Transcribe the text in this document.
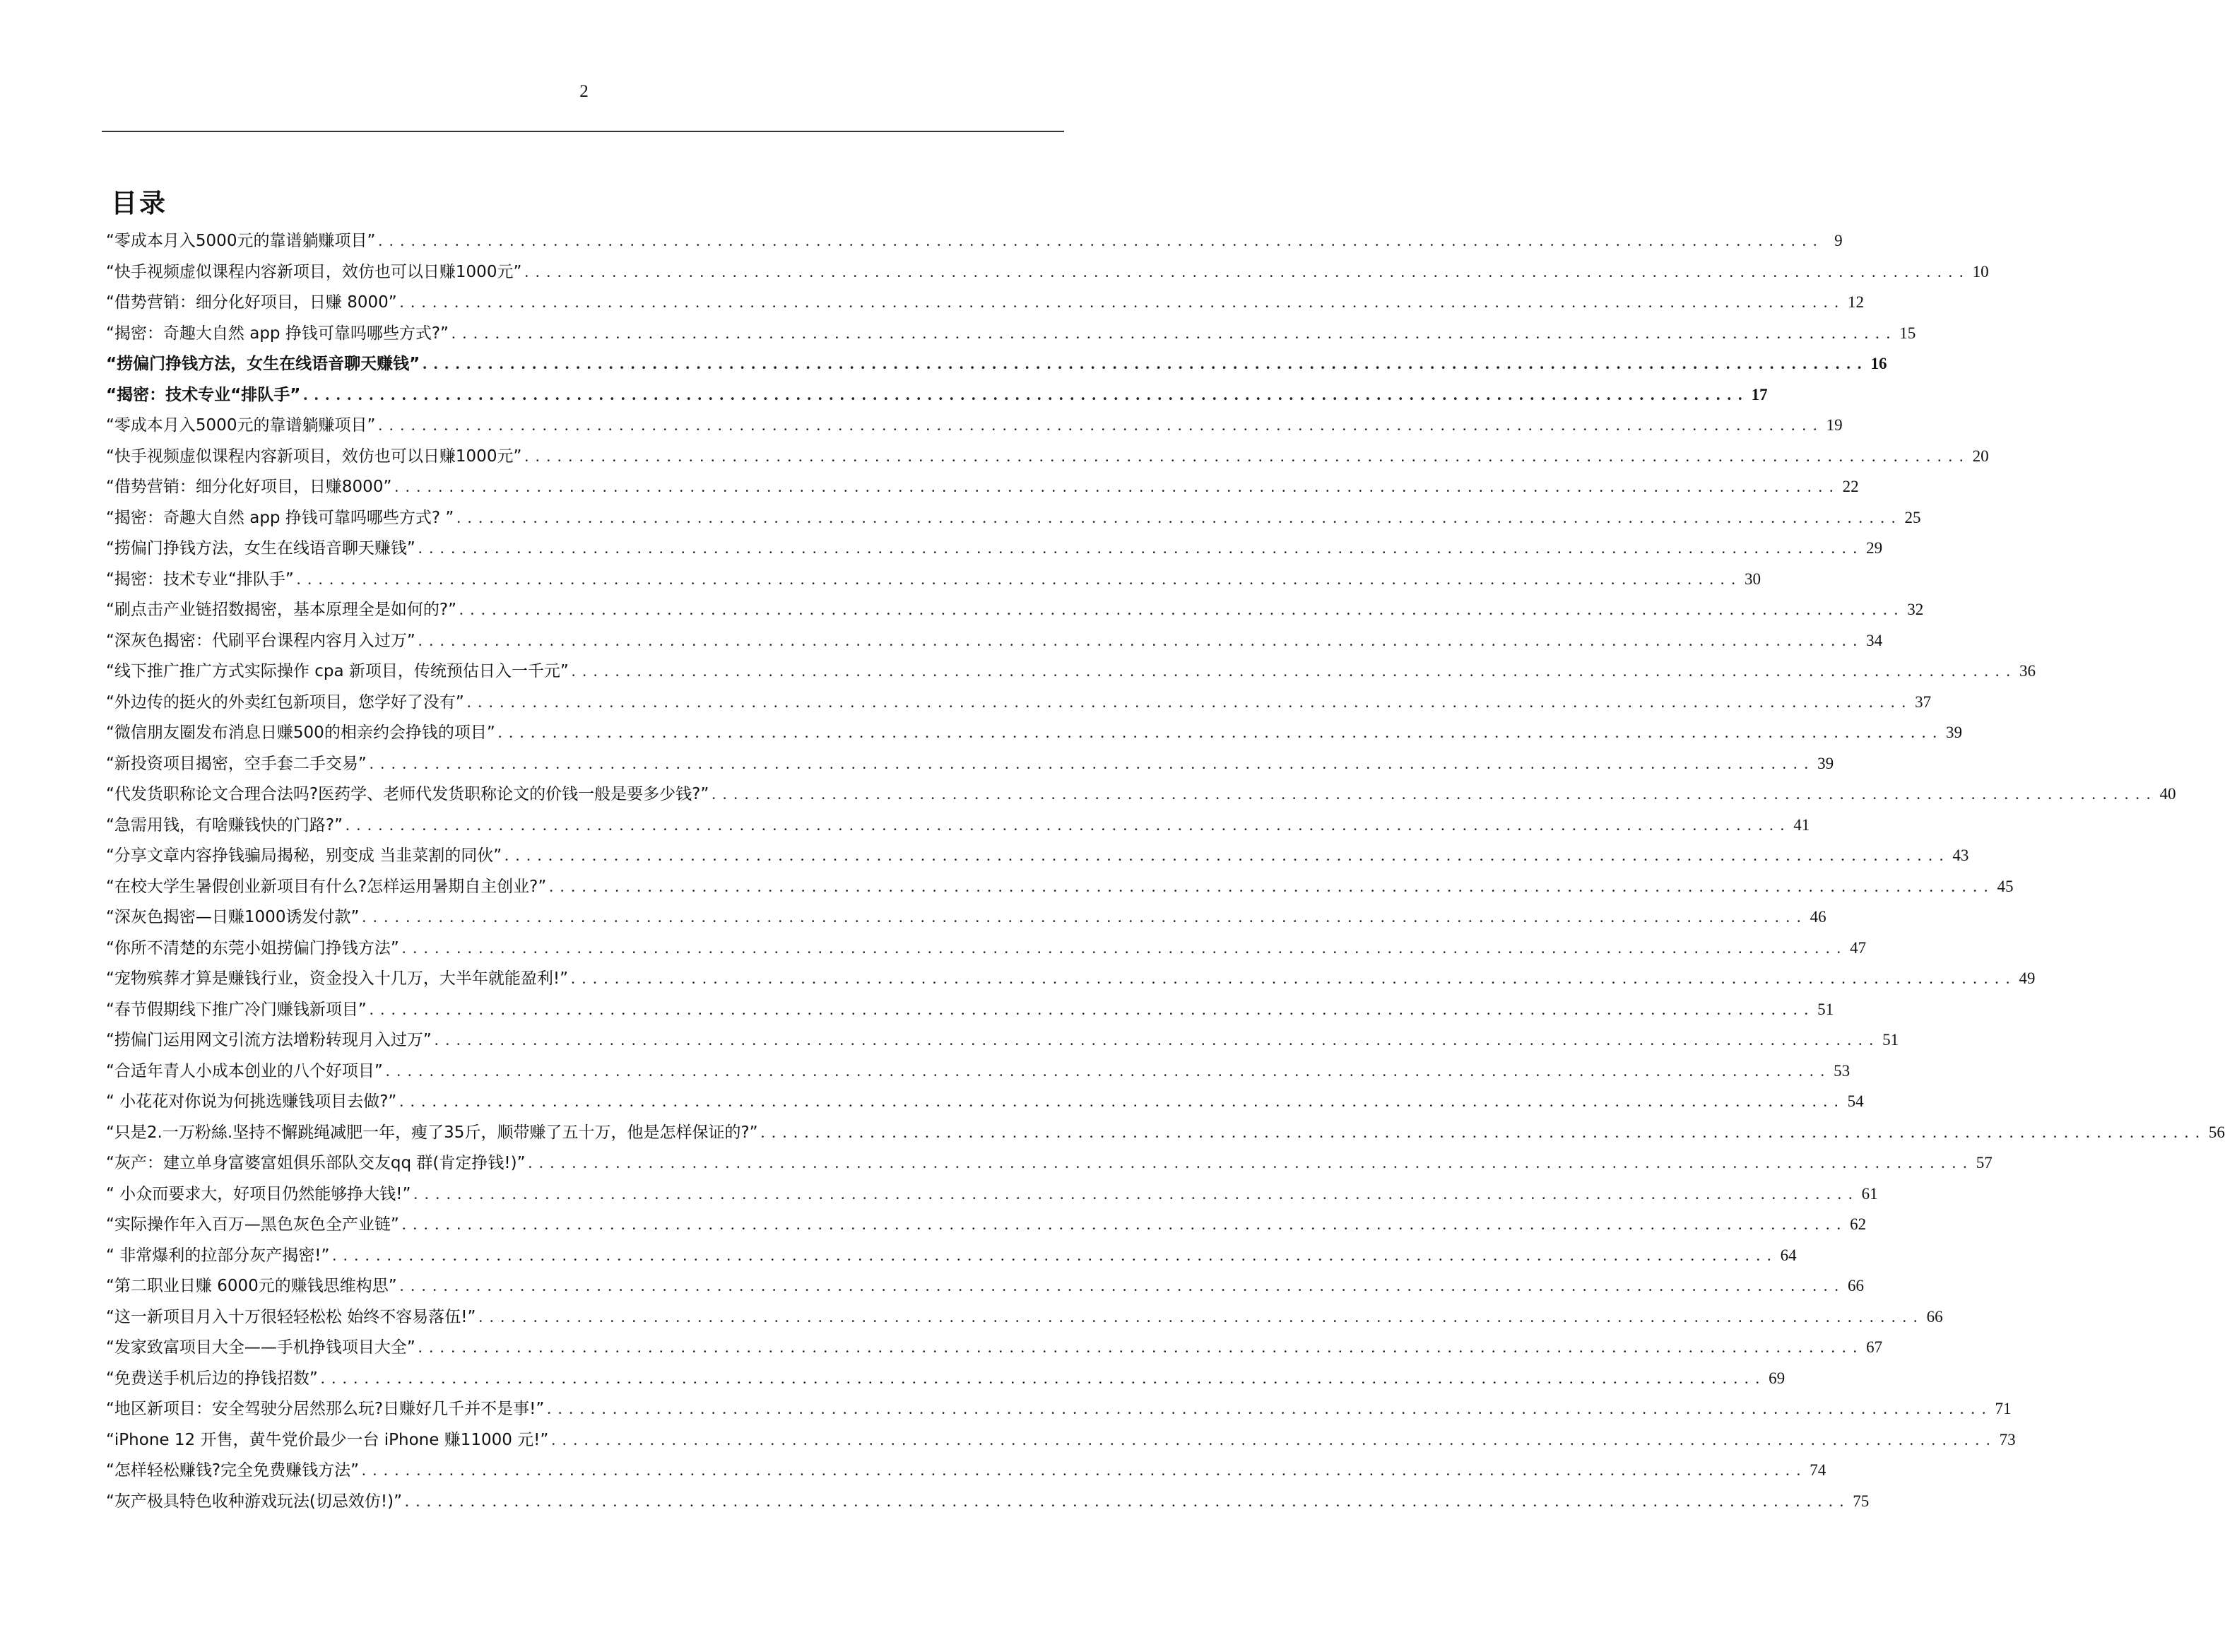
2
目录
“零成本月入5000元的靠谱躺赚项目” . . . . . . . . . . . . . . . . . . . . . . . . . . . . . . . . . . . . . . . . . . . . . . . . . . . . . . . . . . . . . . . . . . . . . . . . . . . . . . . . . . . . . . . . . . . . . . . . . . . . . . . . . . . . . . . . . . . . . . . . . . . . . . . . . . . . 9
“快手视频虚似课程内容新项目，效仿也可以日赚1000元” . . . . . . . . . . . . . . . . . . . . . . . . . . . . . . . . . . . . . . . . . . . . . . . . . . . . . . . . . . . . . . . . . . . . . . . . . . . . . . . . . . . . . . . . . . . . . . . . . . . . . . . . . . . . . . . . . . . . . . . . . . . . . . . . . . . . 10
“借势营销：细分化好项目，日赚 8000” . . . . . . . . . . . . . . . . . . . . . . . . . . . . . . . . . . . . . . . . . . . . . . . . . . . . . . . . . . . . . . . . . . . . . . . . . . . . . . . . . . . . . . . . . . . . . . . . . . . . . . . . . . . . . . . . . . . . . . . . . . . . . . . . . . . . 12
“揭密：奇趣大自然 app 挣钱可靠吗哪些方式?” . . . . . . . . . . . . . . . . . . . . . . . . . . . . . . . . . . . . . . . . . . . . . . . . . . . . . . . . . . . . . . . . . . . . . . . . . . . . . . . . . . . . . . . . . . . . . . . . . . . . . . . . . . . . . . . . . . . . . . . . . . . . . . . . . . . . 15
“捞偏门挣钱方法，女生在线语音聊天赚钱” . . . . . . . . . . . . . . . . . . . . . . . . . . . . . . . . . . . . . . . . . . . . . . . . . . . . . . . . . . . . . . . . . . . . . . . . . . . . . . . . . . . . . . . . . . . . . . . . . . . . . . . . . . . . . . . . . . . . . . . . . . . . . . . . . . . . 16
“揭密：技术专业“排队手” . . . . . . . . . . . . . . . . . . . . . . . . . . . . . . . . . . . . . . . . . . . . . . . . . . . . . . . . . . . . . . . . . . . . . . . . . . . . . . . . . . . . . . . . . . . . . . . . . . . . . . . . . . . . . . . . . . . . . . . . . . . . . . . . . . . . 17
“零成本月入5000元的靠谱躺赚项目” . . . . . . . . . . . . . . . . . . . . . . . . . . . . . . . . . . . . . . . . . . . . . . . . . . . . . . . . . . . . . . . . . . . . . . . . . . . . . . . . . . . . . . . . . . . . . . . . . . . . . . . . . . . . . . . . . . . . . . . . . . . . . . . . . . . . 19
“快手视频虚似课程内容新项目，效仿也可以日赚1000元” . . . . . . . . . . . . . . . . . . . . . . . . . . . . . . . . . . . . . . . . . . . . . . . . . . . . . . . . . . . . . . . . . . . . . . . . . . . . . . . . . . . . . . . . . . . . . . . . . . . . . . . . . . . . . . . . . . . . . . . . . . . . . . . . . . . . 20
“借势营销：细分化好项目，日赚8000” . . . . . . . . . . . . . . . . . . . . . . . . . . . . . . . . . . . . . . . . . . . . . . . . . . . . . . . . . . . . . . . . . . . . . . . . . . . . . . . . . . . . . . . . . . . . . . . . . . . . . . . . . . . . . . . . . . . . . . . . . . . . . . . . . . . . 22
“揭密：奇趣大自然 app 挣钱可靠吗哪些方式? ” . . . . . . . . . . . . . . . . . . . . . . . . . . . . . . . . . . . . . . . . . . . . . . . . . . . . . . . . . . . . . . . . . . . . . . . . . . . . . . . . . . . . . . . . . . . . . . . . . . . . . . . . . . . . . . . . . . . . . . . . . . . . . . . . . . . . 25
“捞偏门挣钱方法，女生在线语音聊天赚钱” . . . . . . . . . . . . . . . . . . . . . . . . . . . . . . . . . . . . . . . . . . . . . . . . . . . . . . . . . . . . . . . . . . . . . . . . . . . . . . . . . . . . . . . . . . . . . . . . . . . . . . . . . . . . . . . . . . . . . . . . . . . . . . . . . . . . 29
“揭密：技术专业“排队手” . . . . . . . . . . . . . . . . . . . . . . . . . . . . . . . . . . . . . . . . . . . . . . . . . . . . . . . . . . . . . . . . . . . . . . . . . . . . . . . . . . . . . . . . . . . . . . . . . . . . . . . . . . . . . . . . . . . . . . . . . . . . . . . . . . . . 30
“刷点击产业链招数揭密，基本原理全是如何的?” . . . . . . . . . . . . . . . . . . . . . . . . . . . . . . . . . . . . . . . . . . . . . . . . . . . . . . . . . . . . . . . . . . . . . . . . . . . . . . . . . . . . . . . . . . . . . . . . . . . . . . . . . . . . . . . . . . . . . . . . . . . . . . . . . . . . 32
“深灰色揭密：代刷平台课程内容月入过万” . . . . . . . . . . . . . . . . . . . . . . . . . . . . . . . . . . . . . . . . . . . . . . . . . . . . . . . . . . . . . . . . . . . . . . . . . . . . . . . . . . . . . . . . . . . . . . . . . . . . . . . . . . . . . . . . . . . . . . . . . . . . . . . . . . . . 34
“线下推广推广方式实际操作 cpa 新项目，传统预估日入一千元” . . . . . . . . . . . . . . . . . . . . . . . . . . . . . . . . . . . . . . . . . . . . . . . . . . . . . . . . . . . . . . . . . . . . . . . . . . . . . . . . . . . . . . . . . . . . . . . . . . . . . . . . . . . . . . . . . . . . . . . . . . . . . . . . . . . . 36
“外边传的挺火的外卖红包新项目，您学好了没有” . . . . . . . . . . . . . . . . . . . . . . . . . . . . . . . . . . . . . . . . . . . . . . . . . . . . . . . . . . . . . . . . . . . . . . . . . . . . . . . . . . . . . . . . . . . . . . . . . . . . . . . . . . . . . . . . . . . . . . . . . . . . . . . . . . . . 37
“微信朋友圈发布消息日赚500的相亲约会挣钱的项目” . . . . . . . . . . . . . . . . . . . . . . . . . . . . . . . . . . . . . . . . . . . . . . . . . . . . . . . . . . . . . . . . . . . . . . . . . . . . . . . . . . . . . . . . . . . . . . . . . . . . . . . . . . . . . . . . . . . . . . . . . . . . . . . . . . . . 39
“新投资项目揭密，空手套二手交易” . . . . . . . . . . . . . . . . . . . . . . . . . . . . . . . . . . . . . . . . . . . . . . . . . . . . . . . . . . . . . . . . . . . . . . . . . . . . . . . . . . . . . . . . . . . . . . . . . . . . . . . . . . . . . . . . . . . . . . . . . . . . . . . . . . . . 39
“代发货职称论文合理合法吗?医药学、老师代发货职称论文的价钱一般是要多少钱?” . . . . . . . . . . . . . . . . . . . . . . . . . . . . . . . . . . . . . . . . . . . . . . . . . . . . . . . . . . . . . . . . . . . . . . . . . . . . . . . . . . . . . . . . . . . . . . . . . . . . . . . . . . . . . . . . . . . . . . . . . . . . . . . . . . . . 40
“急需用钱，有啥赚钱快的门路?” . . . . . . . . . . . . . . . . . . . . . . . . . . . . . . . . . . . . . . . . . . . . . . . . . . . . . . . . . . . . . . . . . . . . . . . . . . . . . . . . . . . . . . . . . . . . . . . . . . . . . . . . . . . . . . . . . . . . . . . . . . . . . . . . . . . . 41
“分享文章内容挣钱骗局揭秘，别变成 当韭菜割的同伙” . . . . . . . . . . . . . . . . . . . . . . . . . . . . . . . . . . . . . . . . . . . . . . . . . . . . . . . . . . . . . . . . . . . . . . . . . . . . . . . . . . . . . . . . . . . . . . . . . . . . . . . . . . . . . . . . . . . . . . . . . . . . . . . . . . . . 43
“在校大学生暑假创业新项目有什么?怎样运用暑期自主创业?” . . . . . . . . . . . . . . . . . . . . . . . . . . . . . . . . . . . . . . . . . . . . . . . . . . . . . . . . . . . . . . . . . . . . . . . . . . . . . . . . . . . . . . . . . . . . . . . . . . . . . . . . . . . . . . . . . . . . . . . . . . . . . . . . . . . . 45
“深灰色揭密—日赚1000诱发付款” . . . . . . . . . . . . . . . . . . . . . . . . . . . . . . . . . . . . . . . . . . . . . . . . . . . . . . . . . . . . . . . . . . . . . . . . . . . . . . . . . . . . . . . . . . . . . . . . . . . . . . . . . . . . . . . . . . . . . . . . . . . . . . . . . . . . 46
“你所不清楚的东莞小姐捞偏门挣钱方法” . . . . . . . . . . . . . . . . . . . . . . . . . . . . . . . . . . . . . . . . . . . . . . . . . . . . . . . . . . . . . . . . . . . . . . . . . . . . . . . . . . . . . . . . . . . . . . . . . . . . . . . . . . . . . . . . . . . . . . . . . . . . . . . . . . . . 47
“宠物殡葬才算是赚钱行业，资金投入十几万，大半年就能盈利!” . . . . . . . . . . . . . . . . . . . . . . . . . . . . . . . . . . . . . . . . . . . . . . . . . . . . . . . . . . . . . . . . . . . . . . . . . . . . . . . . . . . . . . . . . . . . . . . . . . . . . . . . . . . . . . . . . . . . . . . . . . . . . . . . . . . . 49
“春节假期线下推广冷门赚钱新项目” . . . . . . . . . . . . . . . . . . . . . . . . . . . . . . . . . . . . . . . . . . . . . . . . . . . . . . . . . . . . . . . . . . . . . . . . . . . . . . . . . . . . . . . . . . . . . . . . . . . . . . . . . . . . . . . . . . . . . . . . . . . . . . . . . . . . 51
“捞偏门运用网文引流方法增粉转现月入过万” . . . . . . . . . . . . . . . . . . . . . . . . . . . . . . . . . . . . . . . . . . . . . . . . . . . . . . . . . . . . . . . . . . . . . . . . . . . . . . . . . . . . . . . . . . . . . . . . . . . . . . . . . . . . . . . . . . . . . . . . . . . . . . . . . . . . 51
“合适年青人小成本创业的八个好项目” . . . . . . . . . . . . . . . . . . . . . . . . . . . . . . . . . . . . . . . . . . . . . . . . . . . . . . . . . . . . . . . . . . . . . . . . . . . . . . . . . . . . . . . . . . . . . . . . . . . . . . . . . . . . . . . . . . . . . . . . . . . . . . . . . . . . 53
“ 小花花对你说为何挑选赚钱项目去做?” . . . . . . . . . . . . . . . . . . . . . . . . . . . . . . . . . . . . . . . . . . . . . . . . . . . . . . . . . . . . . . . . . . . . . . . . . . . . . . . . . . . . . . . . . . . . . . . . . . . . . . . . . . . . . . . . . . . . . . . . . . . . . . . . . . . . 54
“只是2.一万粉絲.坚持不懈跳绳减肥一年，瘦了35斤，顺带赚了五十万，他是怎样保证的?” . . . . . . . . . . . . . . . . . . . . . . . . . . . . . . . . . . . . . . . . . . . . . . . . . . . . . . . . . . . . . . . . . . . . . . . . . . . . . . . . . . . . . . . . . . . . . . . . . . . . . . . . . . . . . . . . . . . . . . . . . . . . . . . . . . . . 56
“灰产：建立单身富婆富姐俱乐部队交友qq 群(肯定挣钱!)” . . . . . . . . . . . . . . . . . . . . . . . . . . . . . . . . . . . . . . . . . . . . . . . . . . . . . . . . . . . . . . . . . . . . . . . . . . . . . . . . . . . . . . . . . . . . . . . . . . . . . . . . . . . . . . . . . . . . . . . . . . . . . . . . . . . . 57
“ 小众而要求大，好项目仍然能够挣大钱!” . . . . . . . . . . . . . . . . . . . . . . . . . . . . . . . . . . . . . . . . . . . . . . . . . . . . . . . . . . . . . . . . . . . . . . . . . . . . . . . . . . . . . . . . . . . . . . . . . . . . . . . . . . . . . . . . . . . . . . . . . . . . . . . . . . . . 61
“实际操作年入百万—黑色灰色全产业链” . . . . . . . . . . . . . . . . . . . . . . . . . . . . . . . . . . . . . . . . . . . . . . . . . . . . . . . . . . . . . . . . . . . . . . . . . . . . . . . . . . . . . . . . . . . . . . . . . . . . . . . . . . . . . . . . . . . . . . . . . . . . . . . . . . . . 62
“ 非常爆利的拉部分灰产揭密!” . . . . . . . . . . . . . . . . . . . . . . . . . . . . . . . . . . . . . . . . . . . . . . . . . . . . . . . . . . . . . . . . . . . . . . . . . . . . . . . . . . . . . . . . . . . . . . . . . . . . . . . . . . . . . . . . . . . . . . . . . . . . . . . . . . . . 64
“第二职业日赚 6000元的赚钱思维构思” . . . . . . . . . . . . . . . . . . . . . . . . . . . . . . . . . . . . . . . . . . . . . . . . . . . . . . . . . . . . . . . . . . . . . . . . . . . . . . . . . . . . . . . . . . . . . . . . . . . . . . . . . . . . . . . . . . . . . . . . . . . . . . . . . . . . 66
“这一新项目月入十万很轻轻松松 始终不容易落伍!” . . . . . . . . . . . . . . . . . . . . . . . . . . . . . . . . . . . . . . . . . . . . . . . . . . . . . . . . . . . . . . . . . . . . . . . . . . . . . . . . . . . . . . . . . . . . . . . . . . . . . . . . . . . . . . . . . . . . . . . . . . . . . . . . . . . . 66
“发家致富项目大全——手机挣钱项目大全” . . . . . . . . . . . . . . . . . . . . . . . . . . . . . . . . . . . . . . . . . . . . . . . . . . . . . . . . . . . . . . . . . . . . . . . . . . . . . . . . . . . . . . . . . . . . . . . . . . . . . . . . . . . . . . . . . . . . . . . . . . . . . . . . . . . . 67
“免费送手机后边的挣钱招数” . . . . . . . . . . . . . . . . . . . . . . . . . . . . . . . . . . . . . . . . . . . . . . . . . . . . . . . . . . . . . . . . . . . . . . . . . . . . . . . . . . . . . . . . . . . . . . . . . . . . . . . . . . . . . . . . . . . . . . . . . . . . . . . . . . . . 69
“地区新项目：安全驾驶分居然那么玩?日赚好几千并不是事!” . . . . . . . . . . . . . . . . . . . . . . . . . . . . . . . . . . . . . . . . . . . . . . . . . . . . . . . . . . . . . . . . . . . . . . . . . . . . . . . . . . . . . . . . . . . . . . . . . . . . . . . . . . . . . . . . . . . . . . . . . . . . . . . . . . . . 71
“iPhone 12 开售，黄牛党价最少一台 iPhone 赚11000 元!” . . . . . . . . . . . . . . . . . . . . . . . . . . . . . . . . . . . . . . . . . . . . . . . . . . . . . . . . . . . . . . . . . . . . . . . . . . . . . . . . . . . . . . . . . . . . . . . . . . . . . . . . . . . . . . . . . . . . . . . . . . . . . . . . . . . . 73
“怎样轻松赚钱?完全免费赚钱方法” . . . . . . . . . . . . . . . . . . . . . . . . . . . . . . . . . . . . . . . . . . . . . . . . . . . . . . . . . . . . . . . . . . . . . . . . . . . . . . . . . . . . . . . . . . . . . . . . . . . . . . . . . . . . . . . . . . . . . . . . . . . . . . . . . . . . 74
“灰产极具特色收种游戏玩法(切忌效仿!)” . . . . . . . . . . . . . . . . . . . . . . . . . . . . . . . . . . . . . . . . . . . . . . . . . . . . . . . . . . . . . . . . . . . . . . . . . . . . . . . . . . . . . . . . . . . . . . . . . . . . . . . . . . . . . . . . . . . . . . . . . . . . . . . . . . . . 75
